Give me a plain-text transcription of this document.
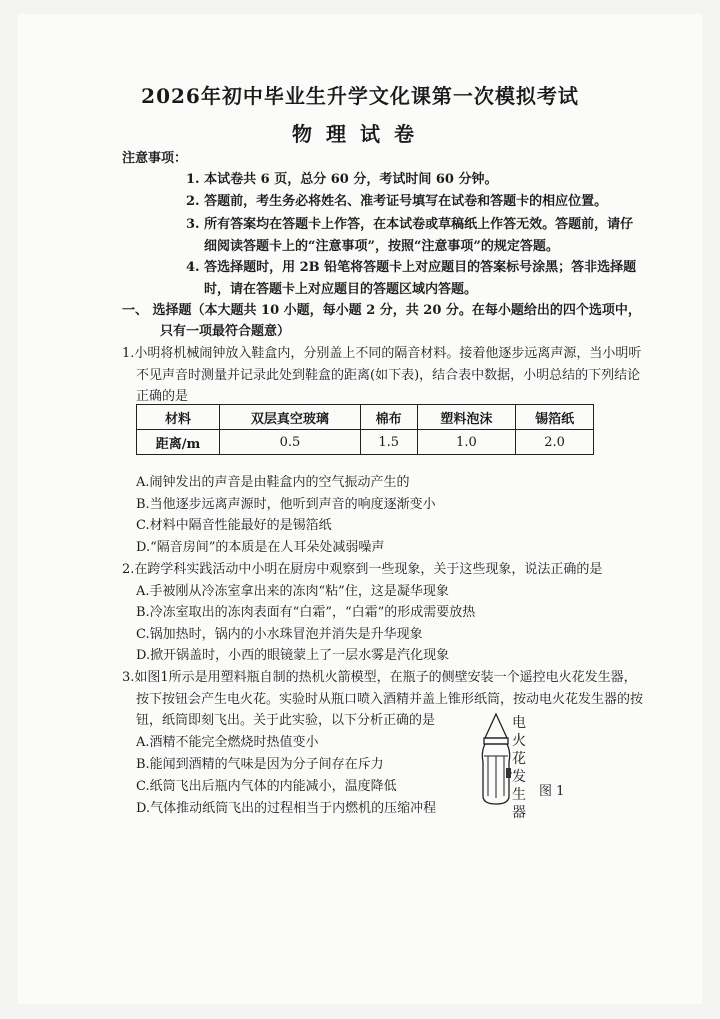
2026年初中毕业生升学文化课第一次模拟考试
物理试卷
注意事项：
1. 本试卷共 6 页，总分 60 分，考试时间 60 分钟。
2. 答题前，考生务必将姓名、准考证号填写在试卷和答题卡的相应位置。
3. 所有答案均在答题卡上作答，在本试卷或草稿纸上作答无效。答题前，请仔
细阅读答题卡上的“注意事项”，按照“注意事项”的规定答题。
4. 答选择题时，用 2B 铅笔将答题卡上对应题目的答案标号涂黑；答非选择题
时，请在答题卡上对应题目的答题区域内答题。
一、 选择题（本大题共 10 小题，每小题 2 分，共 20 分。在每小题给出的四个选项中，
只有一项最符合题意）
1.小明将机械闹钟放入鞋盒内，分别盖上不同的隔音材料。接着他逐步远离声源，当小明听
不见声音时测量并记录此处到鞋盒的距离(如下表)，结合表中数据，小明总结的下列结论
正确的是
材料	双层真空玻璃	棉布	塑料泡沫	锡箔纸
距离/m	0.5	1.5	1.0	2.0
A.闹钟发出的声音是由鞋盒内的空气振动产生的
B.当他逐步远离声源时，他听到声音的响度逐渐变小
C.材料中隔音性能最好的是锡箔纸
D.“隔音房间”的本质是在人耳朵处减弱噪声
2.在跨学科实践活动中小明在厨房中观察到一些现象，关于这些现象，说法正确的是
A.手被刚从冷冻室拿出来的冻肉“粘”住，这是凝华现象
B.冷冻室取出的冻肉表面有“白霜”，“白霜”的形成需要放热
C.锅加热时，锅内的小水珠冒泡并消失是升华现象
D.掀开锅盖时，小西的眼镜蒙上了一层水雾是汽化现象
3.如图1所示是用塑料瓶自制的热机火箭模型，在瓶子的侧壁安装一个遥控电火花发生器，
按下按钮会产生电火花。实验时从瓶口喷入酒精并盖上锥形纸筒，按动电火花发生器的按
钮，纸筒即刻飞出。关于此实验，以下分析正确的是
A.酒精不能完全燃烧时热值变小
B.能闻到酒精的气味是因为分子间存在斥力
C.纸筒飞出后瓶内气体的内能减小，温度降低
D.气体推动纸筒飞出的过程相当于内燃机的压缩冲程
电火花发生器
图 1
